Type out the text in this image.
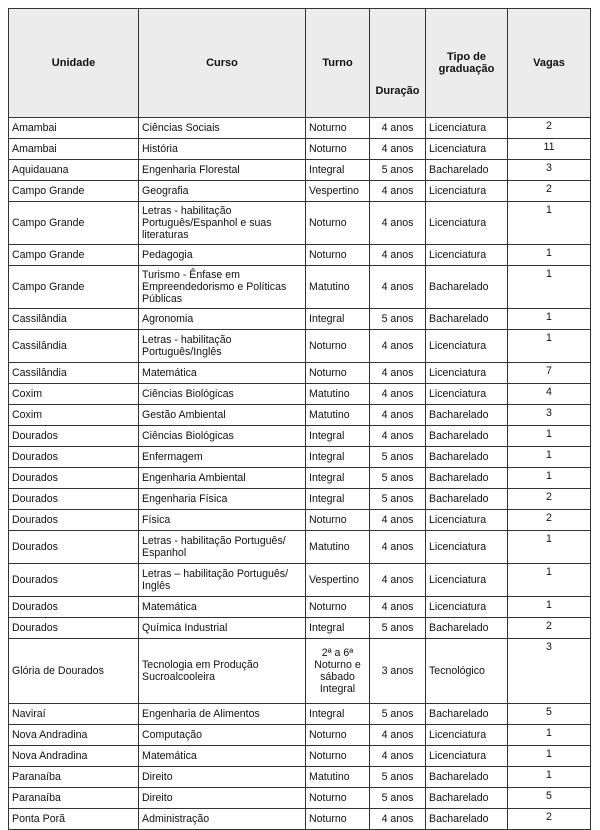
Unidade	Curso	Turno	Duração	Tipo de graduação	Vagas
Amambai	Ciências Sociais	Noturno	4 anos	Licenciatura	2
Amambai	História	Noturno	4 anos	Licenciatura	11
Aquidauana	Engenharia Florestal	Integral	5 anos	Bacharelado	3
Campo Grande	Geografia	Vespertino	4 anos	Licenciatura	2
Campo Grande	Letras - habilitação Português/Espanhol e suas literaturas	Noturno	4 anos	Licenciatura	1
Campo Grande	Pedagogia	Noturno	4 anos	Licenciatura	1
Campo Grande	Turismo - Ênfase em Empreendedorismo e Políticas Públicas	Matutino	4 anos	Bacharelado	1
Cassilândia	Agronomia	Integral	5 anos	Bacharelado	1
Cassilândia	Letras - habilitação Português/Inglês	Noturno	4 anos	Licenciatura	1
Cassilândia	Matemática	Noturno	4 anos	Licenciatura	7
Coxim	Ciências Biológicas	Matutino	4 anos	Licenciatura	4
Coxim	Gestão Ambiental	Matutino	4 anos	Bacharelado	3
Dourados	Ciências Biológicas	Integral	4 anos	Bacharelado	1
Dourados	Enfermagem	Integral	5 anos	Bacharelado	1
Dourados	Engenharia Ambiental	Integral	5 anos	Bacharelado	1
Dourados	Engenharia Física	Integral	5 anos	Bacharelado	2
Dourados	Física	Noturno	4 anos	Licenciatura	2
Dourados	Letras - habilitação Português/ Espanhol	Matutino	4 anos	Licenciatura	1
Dourados	Letras – habilitação Português/ Inglês	Vespertino	4 anos	Licenciatura	1
Dourados	Matemática	Noturno	4 anos	Licenciatura	1
Dourados	Química Industrial	Integral	5 anos	Bacharelado	2
Glória de Dourados	Tecnologia em Produção Sucroalcooleira	2ª a 6ª Noturno e sábado Integral	3 anos	Tecnológico	3
Naviraí	Engenharia de Alimentos	Integral	5 anos	Bacharelado	5
Nova Andradina	Computação	Noturno	4 anos	Licenciatura	1
Nova Andradina	Matemática	Noturno	4 anos	Licenciatura	1
Paranaíba	Direito	Matutino	5 anos	Bacharelado	1
Paranaíba	Direito	Noturno	5 anos	Bacharelado	5
Ponta Porã	Administração	Noturno	4 anos	Bacharelado	2
